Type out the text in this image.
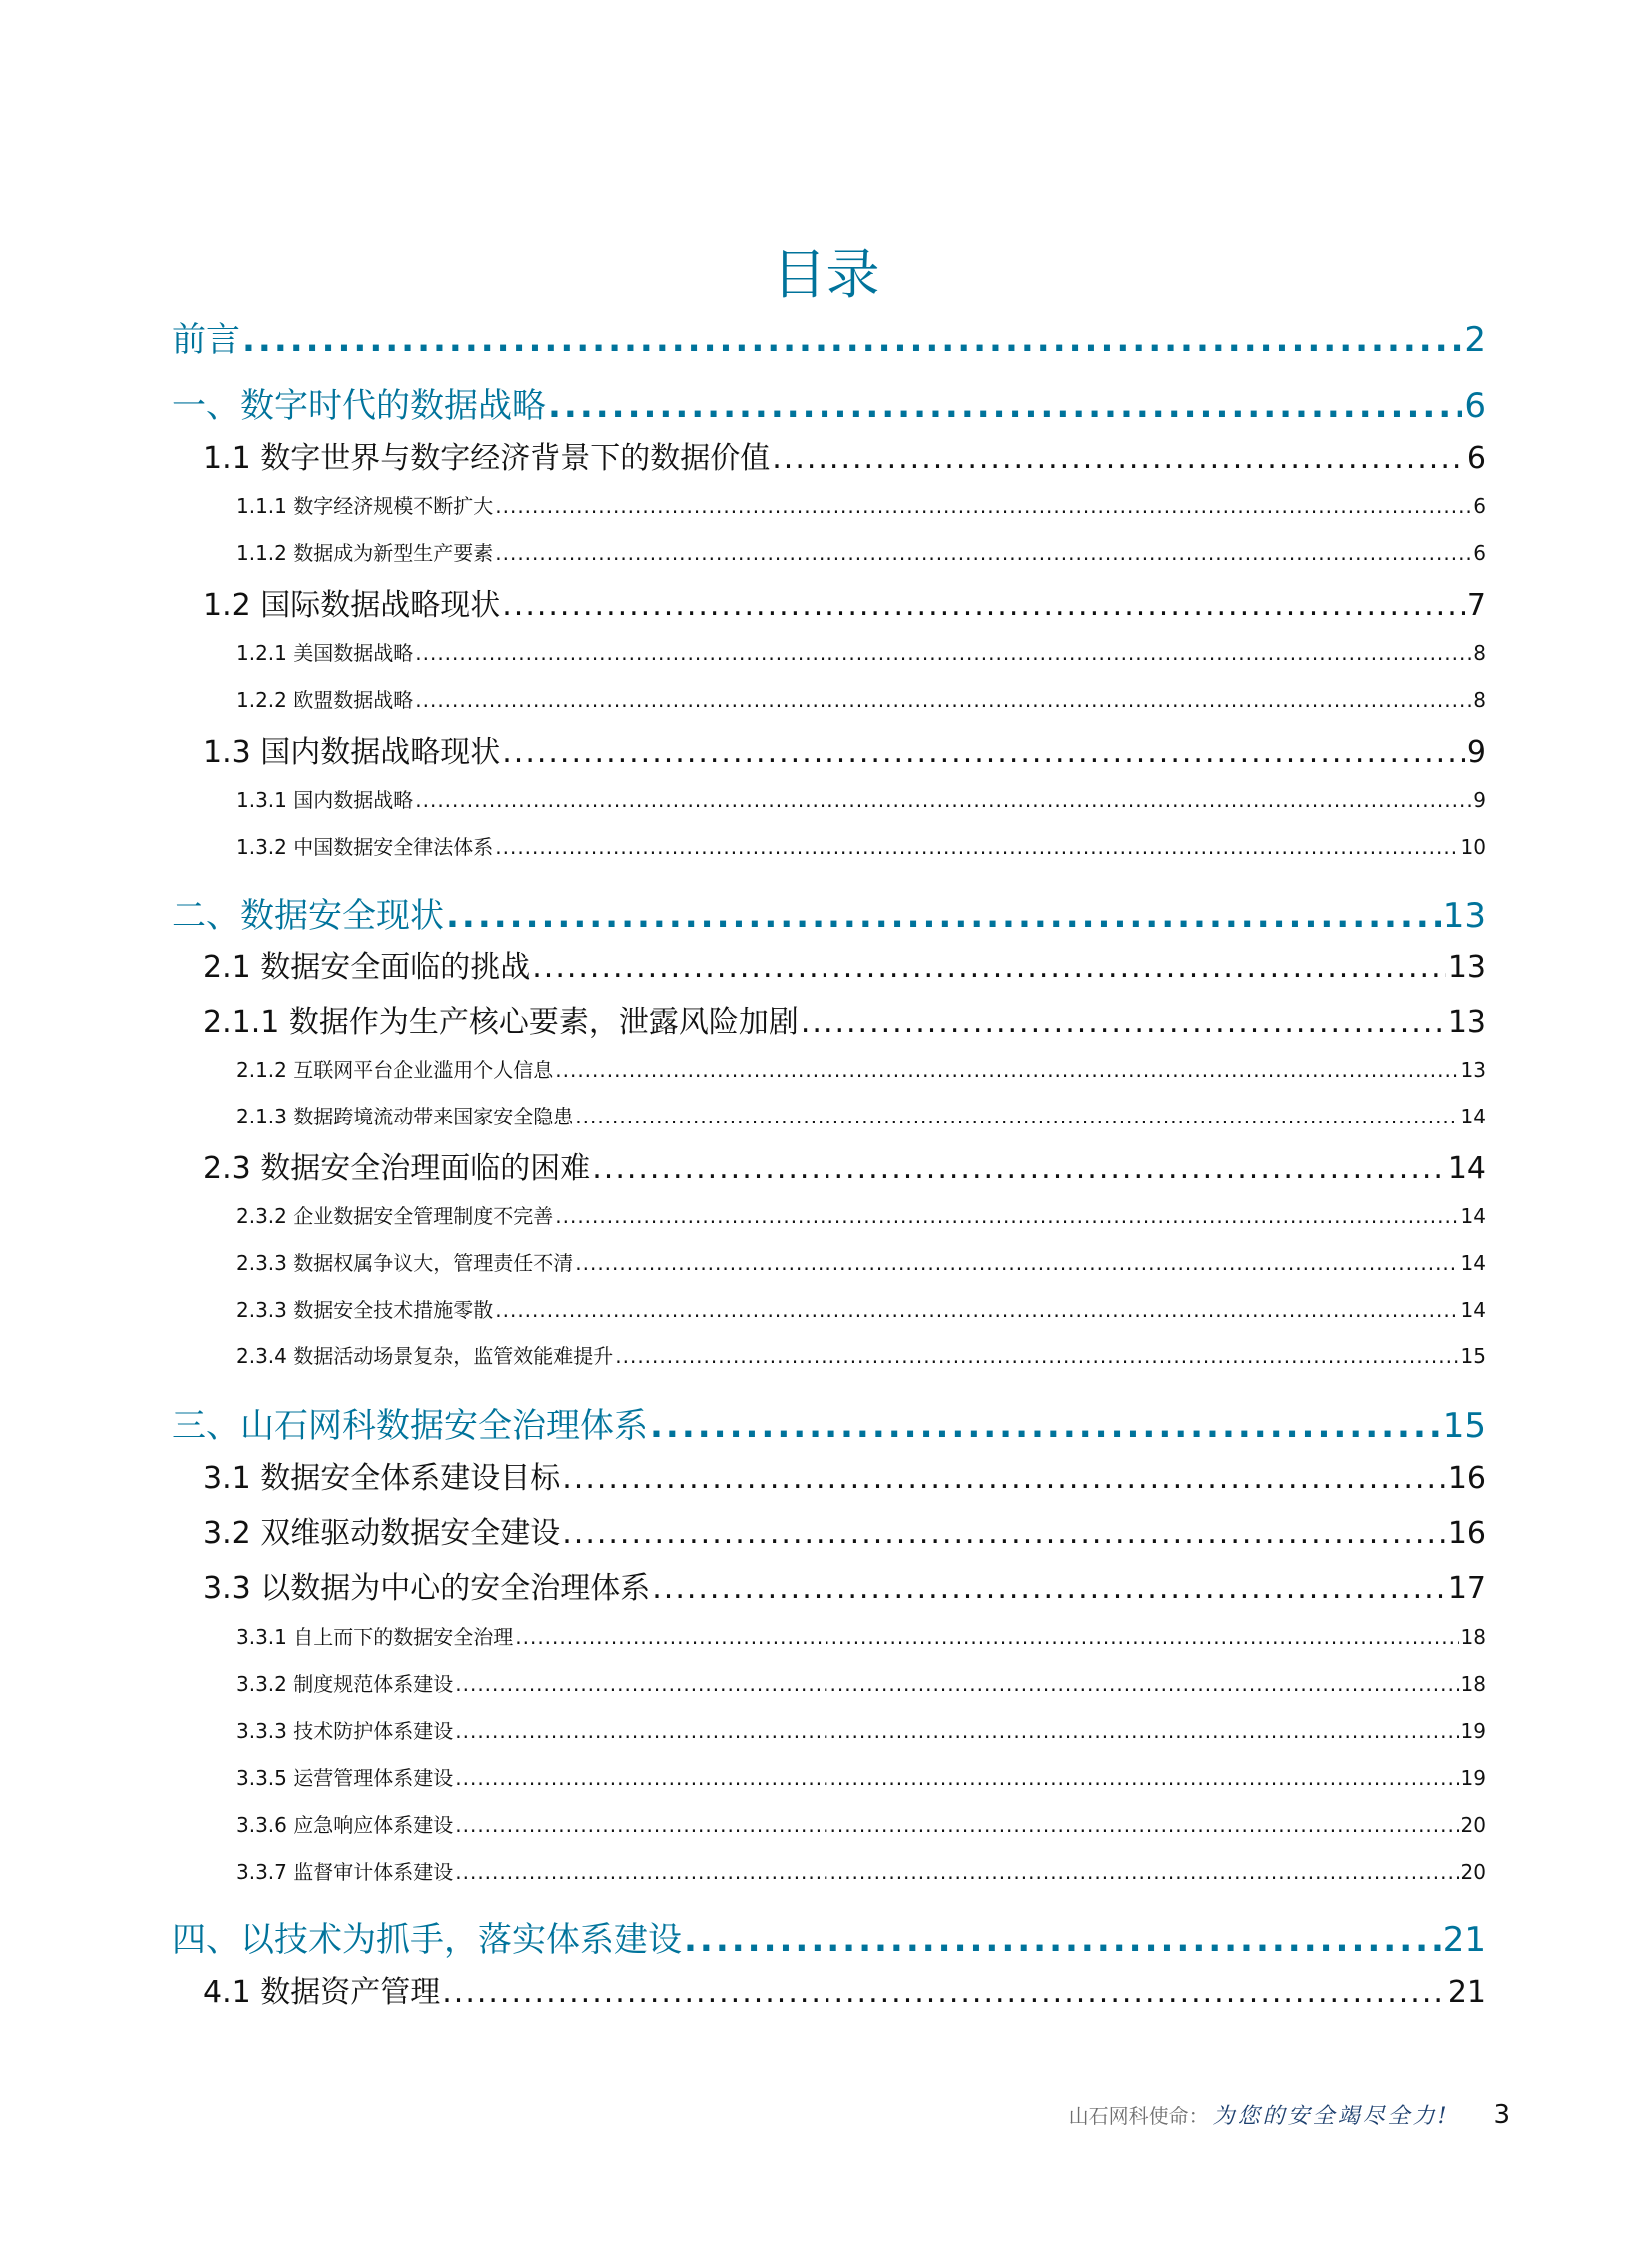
目录
前言 .....	2
一、数字时代的数据战略 .....	6
1.1 数字世界与数字经济背景下的数据价值 .....	6
1.1.1 数字经济规模不断扩大 .....	6
1.1.2 数据成为新型生产要素 .....	6
1.2 国际数据战略现状 .....	7
1.2.1 美国数据战略 .....	8
1.2.2 欧盟数据战略 .....	8
1.3 国内数据战略现状 .....	9
1.3.1 国内数据战略 .....	9
1.3.2 中国数据安全律法体系 .....	10
二、数据安全现状 .....	13
2.1 数据安全面临的挑战 .....	13
2.1.1 数据作为生产核心要素，泄露风险加剧 .....	13
2.1.2 互联网平台企业滥用个人信息 .....	13
2.1.3 数据跨境流动带来国家安全隐患 .....	14
2.3 数据安全治理面临的困难 .....	14
2.3.2 企业数据安全管理制度不完善 .....	14
2.3.3 数据权属争议大，管理责任不清 .....	14
2.3.3 数据安全技术措施零散 .....	14
2.3.4 数据活动场景复杂，监管效能难提升 .....	15
三、山石网科数据安全治理体系 .....	15
3.1 数据安全体系建设目标 .....	16
3.2 双维驱动数据安全建设 .....	16
3.3 以数据为中心的安全治理体系 .....	17
3.3.1 自上而下的数据安全治理 .....	18
3.3.2 制度规范体系建设 .....	18
3.3.3 技术防护体系建设 .....	19
3.3.5 运营管理体系建设 .....	19
3.3.6 应急响应体系建设 .....	20
3.3.7 监督审计体系建设 .....	20
四、以技术为抓手，落实体系建设 .....	21
4.1 数据资产管理 .....	21
山石网科使命： 为您的安全竭尽全力! 3
